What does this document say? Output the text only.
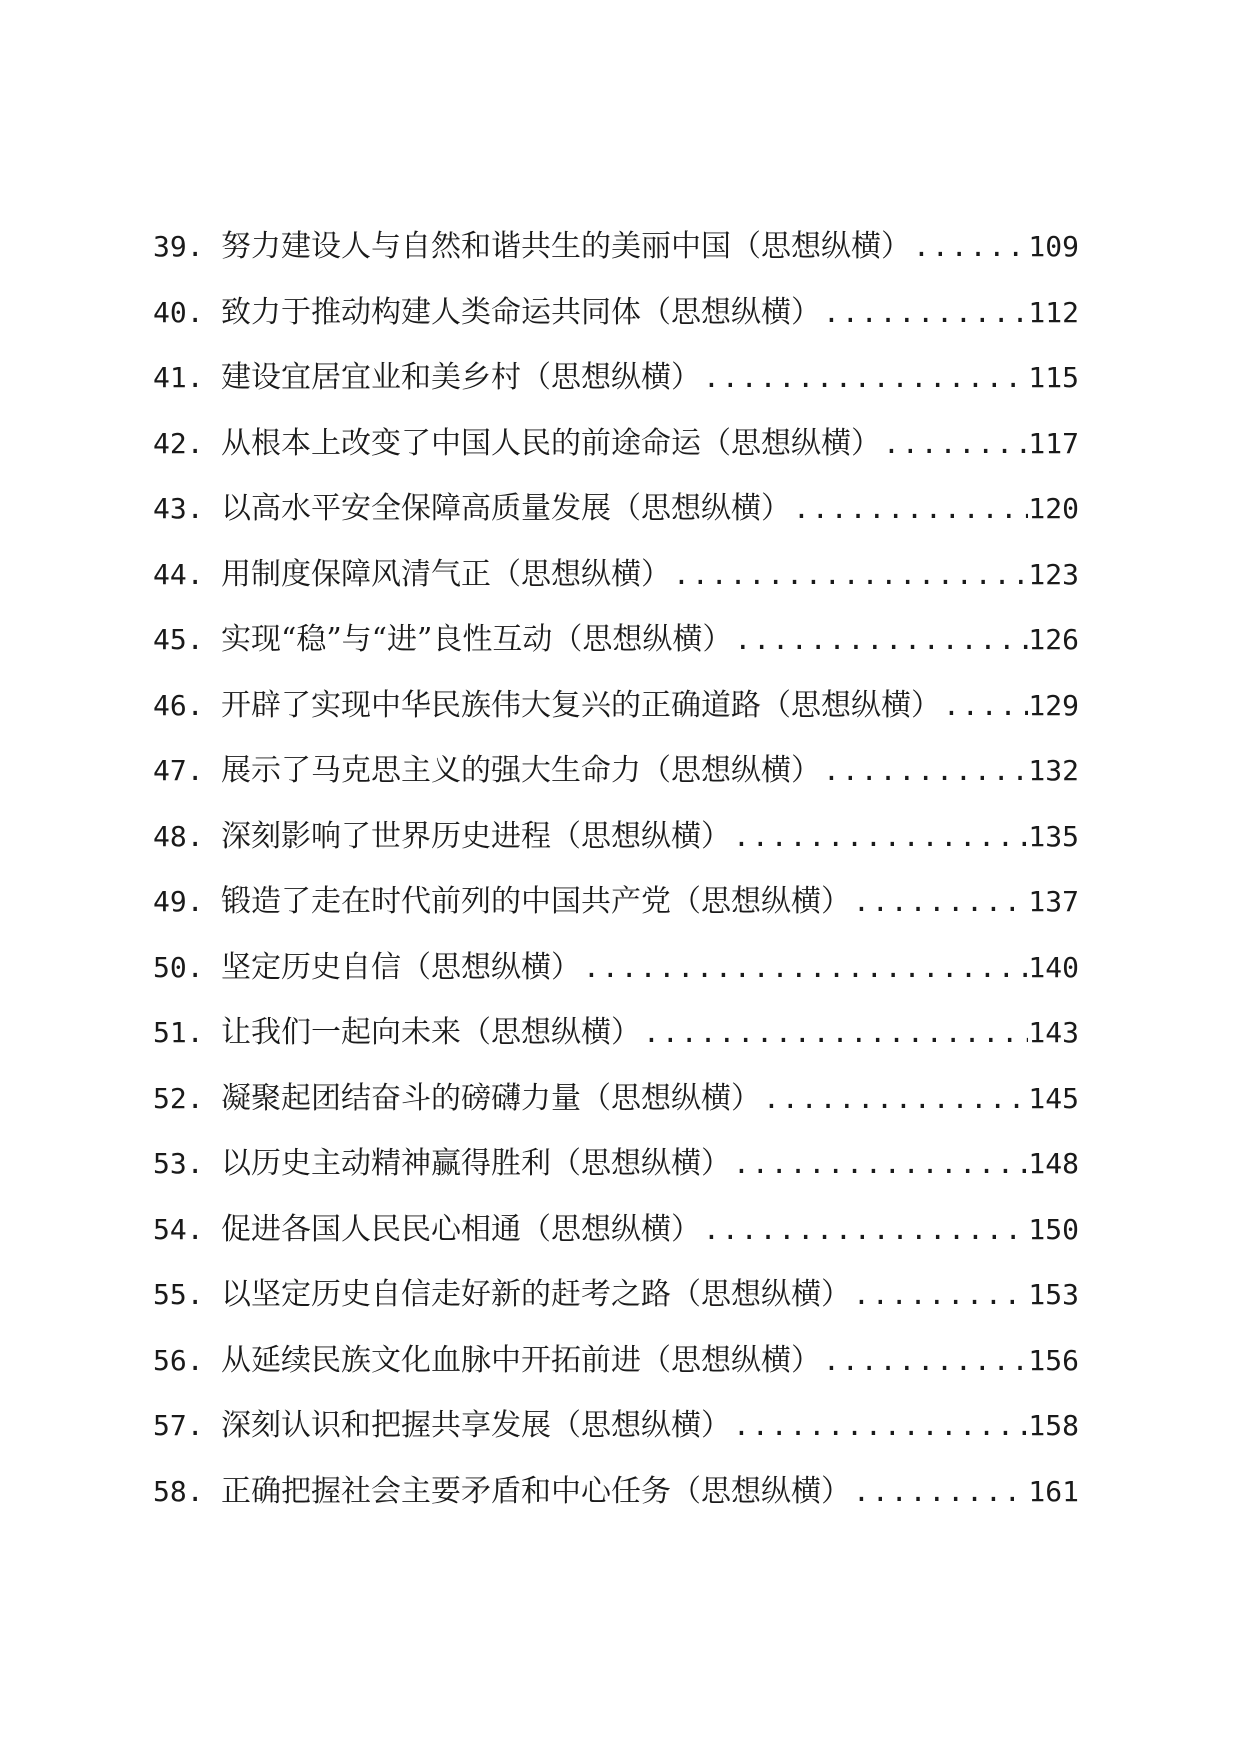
39. 努力建设人与自然和谐共生的美丽中国（思想纵横） .....	109
40. 致力于推动构建人类命运共同体（思想纵横） .....	112
41. 建设宜居宜业和美乡村（思想纵横） .....	115
42. 从根本上改变了中国人民的前途命运（思想纵横） .....	117
43. 以高水平安全保障高质量发展（思想纵横） .....	120
44. 用制度保障风清气正（思想纵横） .....	123
45. 实现“稳”与“进”良性互动（思想纵横） .....	126
46. 开辟了实现中华民族伟大复兴的正确道路（思想纵横） .....	129
47. 展示了马克思主义的强大生命力（思想纵横） .....	132
48. 深刻影响了世界历史进程（思想纵横） .....	135
49. 锻造了走在时代前列的中国共产党（思想纵横） .....	137
50. 坚定历史自信（思想纵横） .....	140
51. 让我们一起向未来（思想纵横） .....	143
52. 凝聚起团结奋斗的磅礴力量（思想纵横） .....	145
53. 以历史主动精神赢得胜利（思想纵横） .....	148
54. 促进各国人民民心相通（思想纵横） .....	150
55. 以坚定历史自信走好新的赶考之路（思想纵横） .....	153
56. 从延续民族文化血脉中开拓前进（思想纵横） .....	156
57. 深刻认识和把握共享发展（思想纵横） .....	158
58. 正确把握社会主要矛盾和中心任务（思想纵横） .....	161
